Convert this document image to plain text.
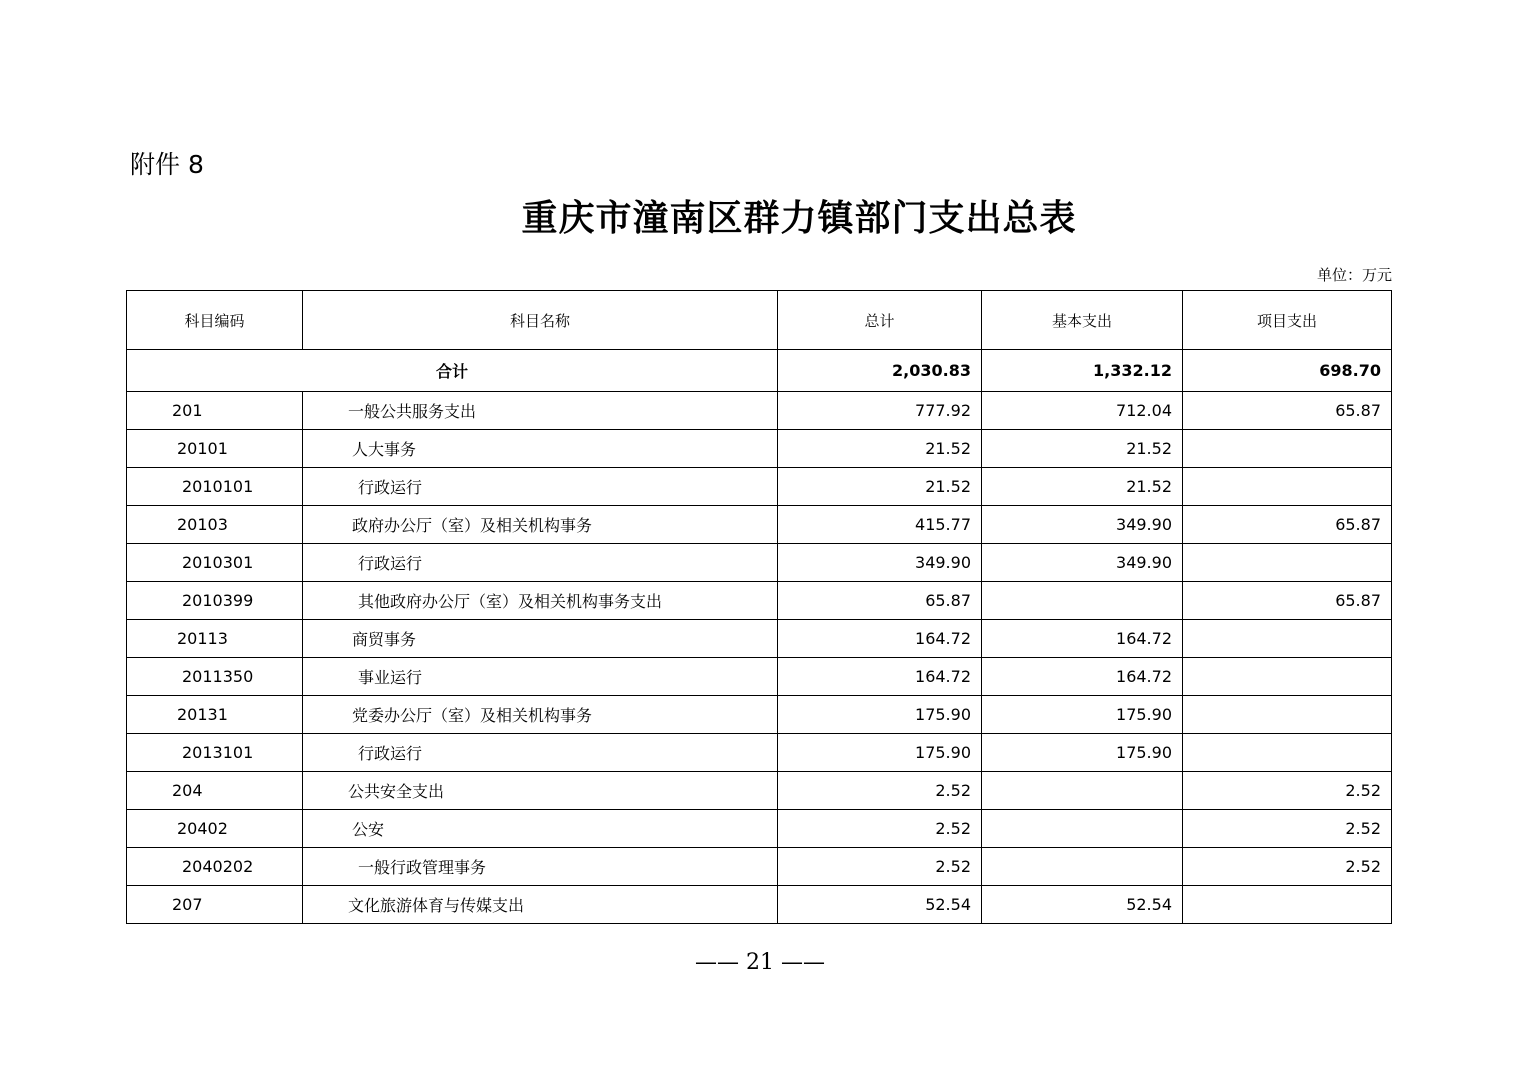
附件 8
重庆市潼南区群力镇部门支出总表
单位：万元
科目编码	科目名称	总计	基本支出	项目支出
合计		2,030.83	1,332.12	698.70
201	一般公共服务支出	777.92	712.04	65.87
20101	人大事务	21.52	21.52	
2010101	行政运行	21.52	21.52	
20103	政府办公厅（室）及相关机构事务	415.77	349.90	65.87
2010301	行政运行	349.90	349.90	
2010399	其他政府办公厅（室）及相关机构事务支出	65.87		65.87
20113	商贸事务	164.72	164.72	
2011350	事业运行	164.72	164.72	
20131	党委办公厅（室）及相关机构事务	175.90	175.90	
2013101	行政运行	175.90	175.90	
204	公共安全支出	2.52		2.52
20402	公安	2.52		2.52
2040202	一般行政管理事务	2.52		2.52
207	文化旅游体育与传媒支出	52.54	52.54	
—— 21 ——
